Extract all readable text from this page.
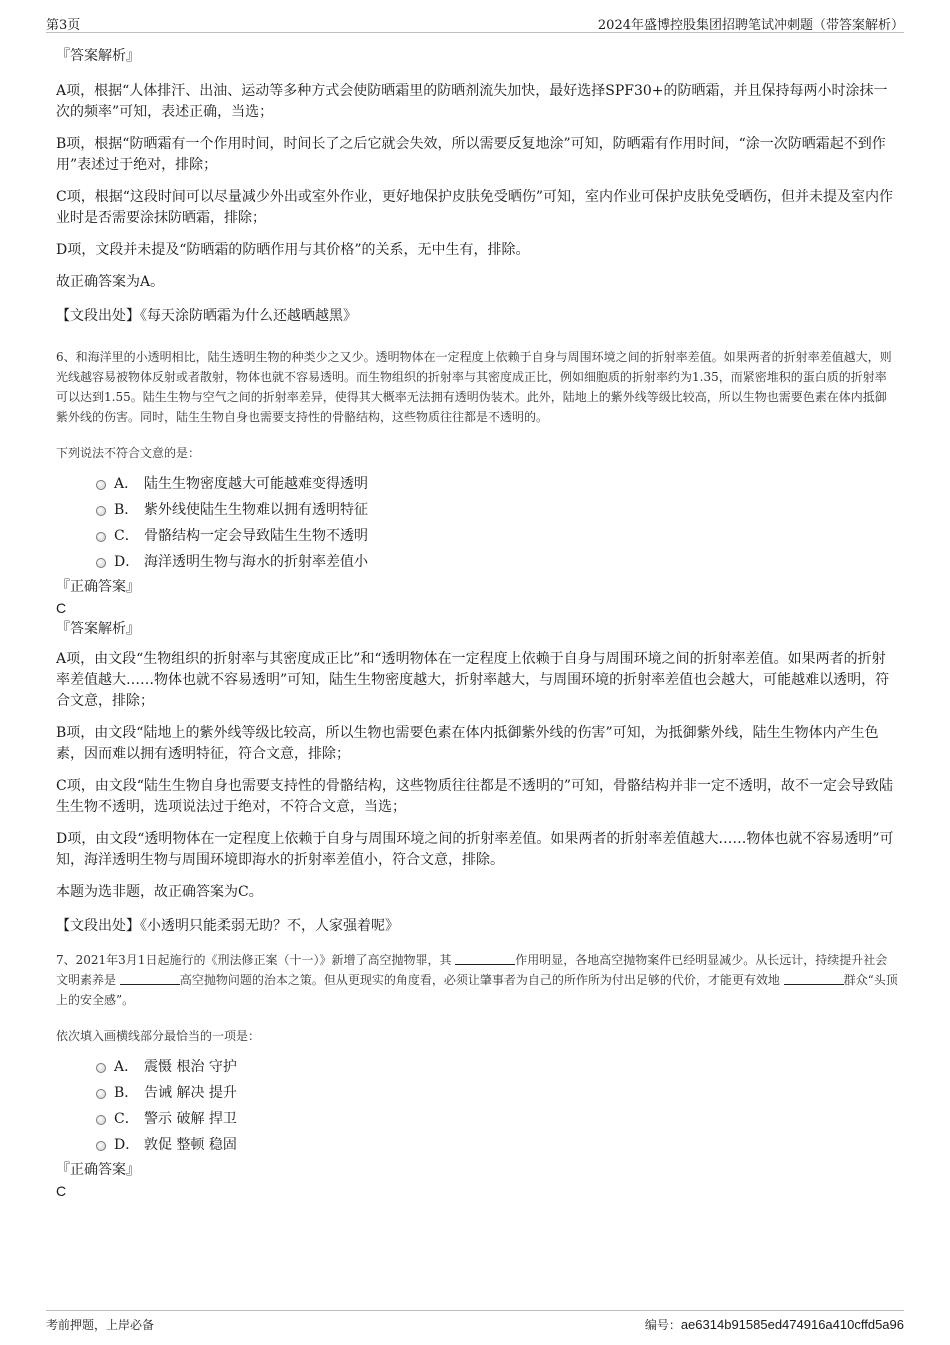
第3页	2024年盛博控股集团招聘笔试冲刺题（带答案解析）

『答案解析』

A项，根据“人体排汗、出油、运动等多种方式会使防晒霜里的防晒剂流失加快，最好选择SPF30+的防晒霜，并且保持每两小时涂抹一次的频率”可知，表述正确，当选；

B项，根据“防晒霜有一个作用时间，时间长了之后它就会失效，所以需要反复地涂”可知，防晒霜有作用时间，“涂一次防晒霜起不到作用”表述过于绝对，排除；

C项，根据“这段时间可以尽量减少外出或室外作业，更好地保护皮肤免受晒伤”可知，室内作业可保护皮肤免受晒伤，但并未提及室内作业时是否需要涂抹防晒霜，排除；

D项，文段并未提及“防晒霜的防晒作用与其价格”的关系，无中生有，排除。

故正确答案为A。

【文段出处】《每天涂防晒霜为什么还越晒越黑》

6、和海洋里的小透明相比，陆生透明生物的种类少之又少。透明物体在一定程度上依赖于自身与周围环境之间的折射率差值。如果两者的折射率差值越大，则光线越容易被物体反射或者散射，物体也就不容易透明。而生物组织的折射率与其密度成正比，例如细胞质的折射率约为1.35，而紧密堆积的蛋白质的折射率可以达到1.55。陆生生物与空气之间的折射率差异，使得其大概率无法拥有透明伪装术。此外，陆地上的紫外线等级比较高，所以生物也需要色素在体内抵御紫外线的伤害。同时，陆生生物自身也需要支持性的骨骼结构，这些物质往往都是不透明的。

下列说法不符合文意的是：

A． 陆生生物密度越大可能越难变得透明
B． 紫外线使陆生生物难以拥有透明特征
C． 骨骼结构一定会导致陆生生物不透明
D． 海洋透明生物与海水的折射率差值小

『正确答案』

C

『答案解析』

A项，由文段“生物组织的折射率与其密度成正比”和“透明物体在一定程度上依赖于自身与周围环境之间的折射率差值。如果两者的折射率差值越大……物体也就不容易透明”可知，陆生生物密度越大，折射率越大，与周围环境的折射率差值也会越大，可能越难以透明，符合文意，排除；

B项，由文段“陆地上的紫外线等级比较高，所以生物也需要色素在体内抵御紫外线的伤害”可知，为抵御紫外线，陆生生物体内产生色素，因而难以拥有透明特征，符合文意，排除；

C项，由文段“陆生生物自身也需要支持性的骨骼结构，这些物质往往都是不透明的”可知，骨骼结构并非一定不透明，故不一定会导致陆生生物不透明，选项说法过于绝对，不符合文意，当选；

D项，由文段“透明物体在一定程度上依赖于自身与周围环境之间的折射率差值。如果两者的折射率差值越大……物体也就不容易透明”可知，海洋透明生物与周围环境即海水的折射率差值小，符合文意，排除。

本题为选非题，故正确答案为C。

【文段出处】《小透明只能柔弱无助？不，人家强着呢》

7、2021年3月1日起施行的《刑法修正案（十一）》新增了高空抛物罪，其	作用明显，各地高空抛物案件已经明显减少。从长远计，持续提升社会文明素养是	高空抛物问题的治本之策。但从更现实的角度看，必须让肇事者为自己的所作所为付出足够的代价，才能更有效地	群众“头顶上的安全感”。

依次填入画横线部分最恰当的一项是：

A． 震慑 根治 守护
B． 告诫 解决 提升
C． 警示 破解 捍卫
D． 敦促 整顿 稳固

『正确答案』

C

考前押题，上岸必备	编号：ae6314b91585ed474916a410cffd5a96
